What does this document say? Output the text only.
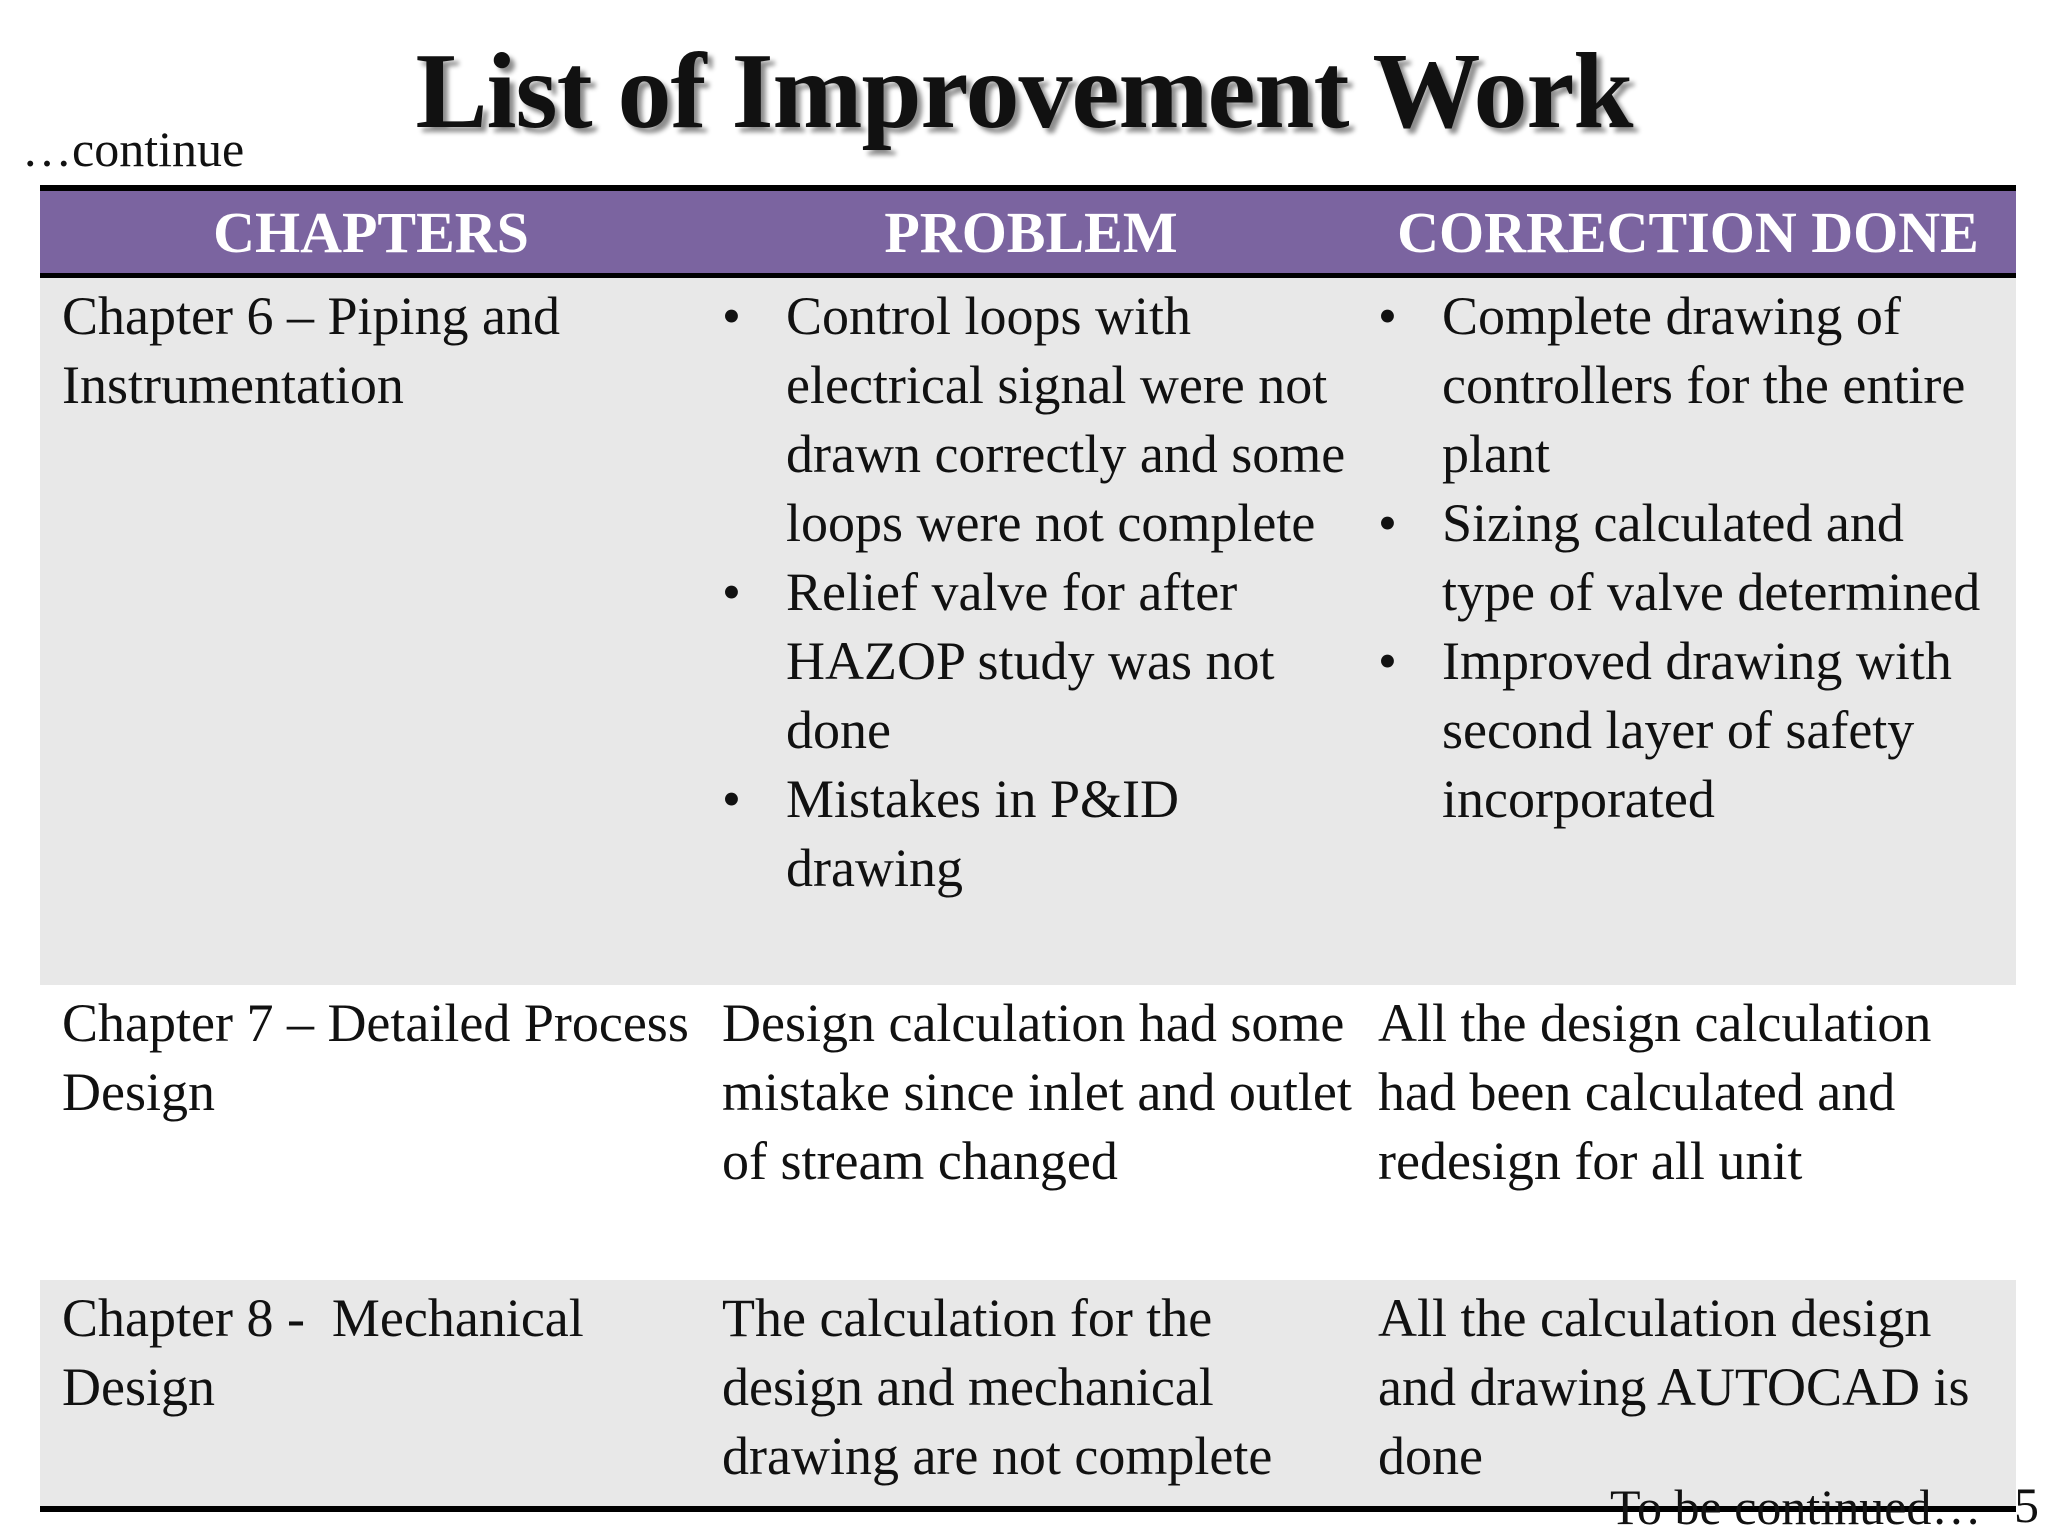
List of Improvement Work
…continue
CHAPTERS	PROBLEM	CORRECTION DONE
Chapter 6 – Piping and Instrumentation
• Control loops with electrical signal were not drawn correctly and some loops were not complete
• Relief valve for after HAZOP study was not done
• Mistakes in P&ID drawing
• Complete drawing of controllers for the entire plant
• Sizing calculated and type of valve determined
• Improved drawing with second layer of safety incorporated
Chapter 7 – Detailed Process Design
Design calculation had some mistake since inlet and outlet of stream changed
All the design calculation had been calculated and redesign for all unit
Chapter 8 -  Mechanical Design
The calculation for the design and mechanical drawing are not complete
All the calculation design and drawing AUTOCAD is done
To be continued… 5
